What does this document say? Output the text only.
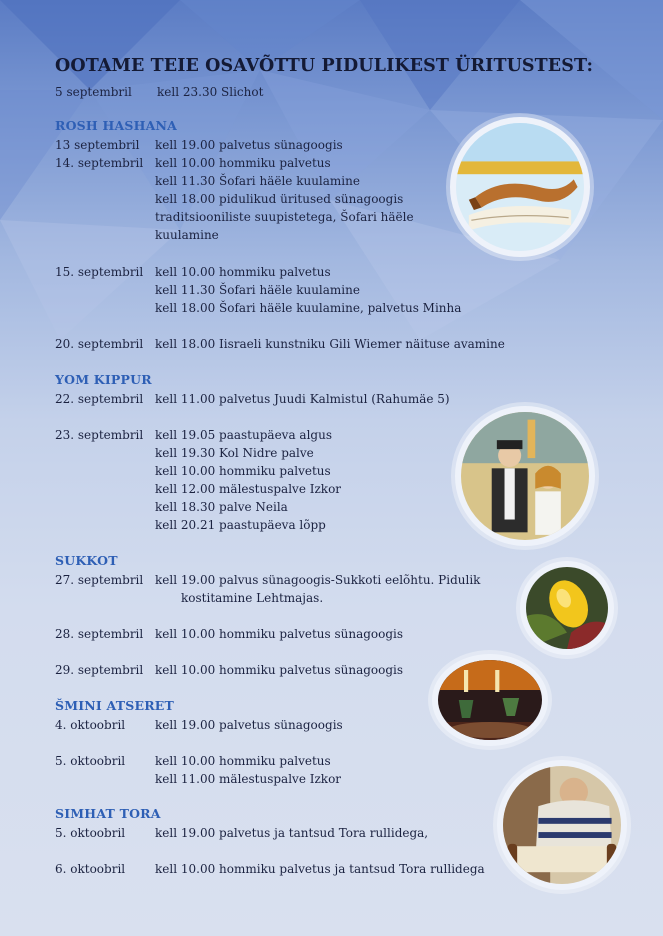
OOTAME TEIE OSAVÕTTU PIDULIKEST ÜRITUSTEST:
5 septembril kell 23.30 Slichot
ROSH HASHANA
13 septembril kell 19.00 palvetus sünagoogis
14. septembril kell 10.00 hommiku palvetus
kell 11.30 Šofari häële kuulamine
kell 18.00 pidulikud üritused sünagoogis
traditsiooniliste suupistetega, Šofari häële
kuulamine
15. septembril kell 10.00 hommiku palvetus
kell 11.30 Šofari häële kuulamine
kell 18.00 Šofari häële kuulamine, palvetus Minha
20. septembril kell 18.00 Iisraeli kunstniku Gili Wiemer näituse avamine
YOM KIPPUR
22. septembril kell 11.00 palvetus Juudi Kalmistul (Rahumäe 5)
23. septembril kell 19.05 paastupäeva algus
kell 19.30 Kol Nidre palve
kell 10.00 hommiku palvetus
kell 12.00 mälestuspalve Izkor
kell 18.30 palve Neila
kell 20.21 paastupäeva lõpp
SUKKOT
27. septembril kell 19.00 palvus sünagoogis-Sukkoti eelõhtu. Pidulik
kostitamine Lehtmajas.
28. septembril kell 10.00 hommiku palvetus sünagoogis
29. septembril kell 10.00 hommiku palvetus sünagoogis
ŠMINI ATSERET
4. oktoobril kell 19.00 palvetus sünagoogis
5. oktoobril kell 10.00 hommiku palvetus
kell 11.00 mälestuspalve Izkor
SIMHAT TORA
5. oktoobril kell 19.00 palvetus ja tantsud Tora rullidega,
6. oktoobril kell 10.00 hommiku palvetus ja tantsud Tora rullidega
